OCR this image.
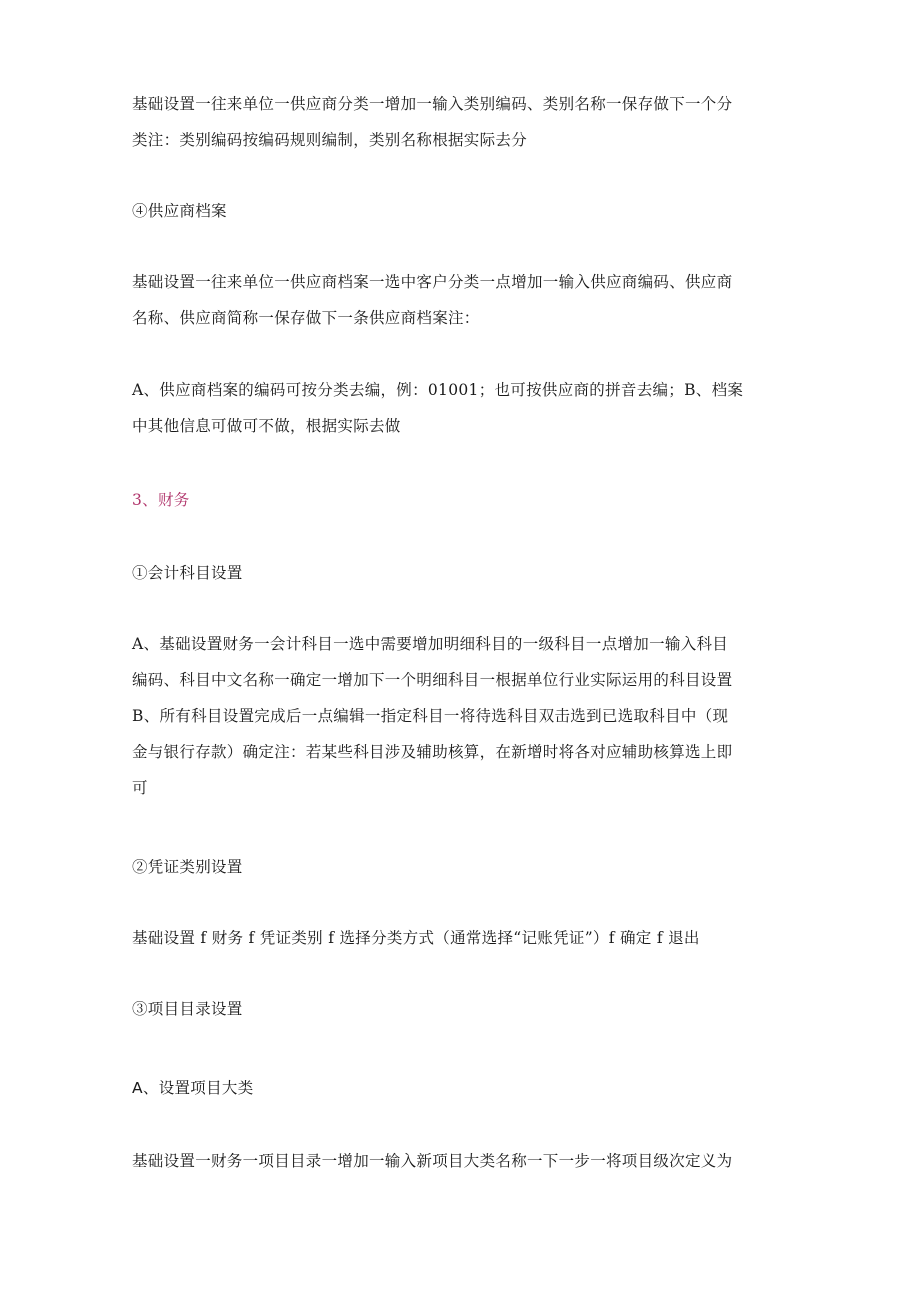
基础设置一往来单位一供应商分类一增加一输入类别编码、类别名称一保存做下一个分
类注：类别编码按编码规则编制，类别名称根据实际去分

④供应商档案

基础设置一往来单位一供应商档案一选中客户分类一点增加一输入供应商编码、供应商
名称、供应商简称一保存做下一条供应商档案注：

A、供应商档案的编码可按分类去编，例：01001；也可按供应商的拼音去编；B、档案
中其他信息可做可不做，根据实际去做

3、财务

①会计科目设置

A、基础设置财务一会计科目一选中需要增加明细科目的一级科目一点增加一输入科目
编码、科目中文名称一确定一增加下一个明细科目一根据单位行业实际运用的科目设置
B、所有科目设置完成后一点编辑一指定科目一将待选科目双击选到已选取科目中（现
金与银行存款）确定注：若某些科目涉及辅助核算，在新增时将各对应辅助核算选上即
可

②凭证类别设置

基础设置 f 财务 f 凭证类别 f 选择分类方式（通常选择“记账凭证”）f 确定 f 退出

③项目目录设置

A、设置项目大类

基础设置一财务一项目目录一增加一输入新项目大类名称一下一步一将项目级次定义为
